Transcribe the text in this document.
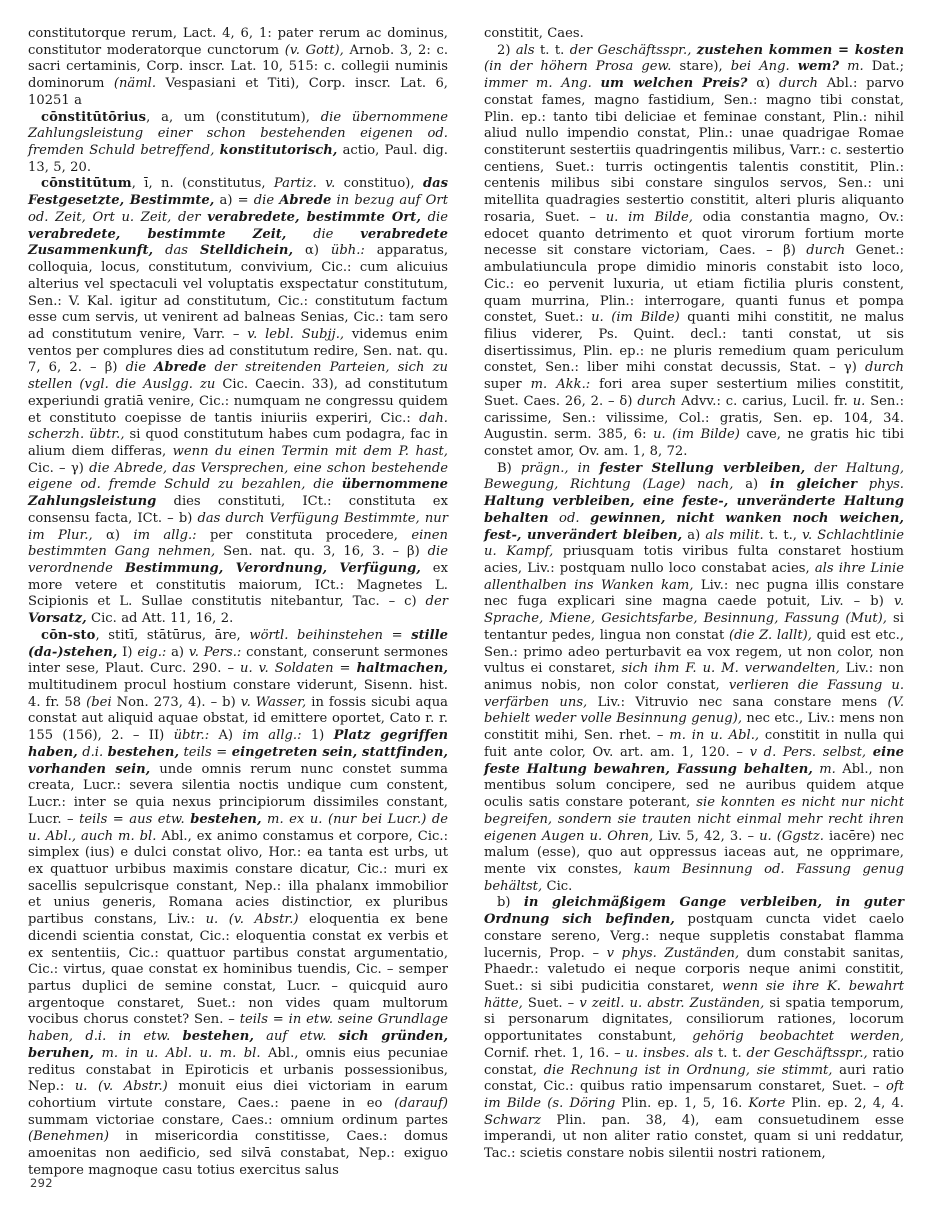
constitutorque rerum, Lact. 4, 6, 1: pater rerum ac dominus, constitutor moderatorque cunctorum (v. Gott), Arnob. 3, 2: c. sacri certaminis, Corp. inscr. Lat. 10, 515: c. collegii numinis dominorum (näml. Vespasiani et Titi), Corp. inscr. Lat. 6, 10251 a

cōnstitūtōrius, a, um (constitutum), die übernommene Zahlungsleistung einer schon bestehenden eigenen od. fremden Schuld betreffend, konstitutorisch, actio, Paul. dig. 13, 5, 20.

cōnstitūtum, ī, n. (constitutus, Partiz. v. constituo), das Festgesetzte, Bestimmte, a) = die Abrede in bezug auf Ort od. Zeit, Ort u. Zeit, der verabredete, bestimmte Ort, die verabredete, bestimmte Zeit, die verabredete Zusammenkunft, das Stelldichein, α) übh.: apparatus, colloquia, locus, constitutum, convivium, Cic.: cum alicuius alterius vel spectaculi vel voluptatis exspectatur constitutum, Sen.: V. Kal. igitur ad constitutum, Cic.: constitutum factum esse cum servis, ut venirent ad balneas Senias, Cic.: tam sero ad constitutum venire, Varr. – v. lebl. Subjj., videmus enim ventos per complures dies ad constitutum redire, Sen. nat. qu. 7, 6, 2. – β) die Abrede der streitenden Parteien, sich zu stellen (vgl. die Auslgg. zu Cic. Caecin. 33), ad constitutum experiundi gratiā venire, Cic.: numquam ne congressu quidem et constituto coepisse de tantis iniuriis experiri, Cic.: dah. scherzh. übtr., si quod constitutum habes cum podagra, fac in alium diem differas, wenn du einen Termin mit dem P. hast, Cic. – γ) die Abrede, das Versprechen, eine schon bestehende eigene od. fremde Schuld zu bezahlen, die übernommene Zahlungsleistung dies constituti, ICt.: constituta ex consensu facta, ICt. – b) das durch Verfügung Bestimmte, nur im Plur., α) im allg.: per constituta procedere, einen bestimmten Gang nehmen, Sen. nat. qu. 3, 16, 3. – β) die verordnende Bestimmung, Verordnung, Verfügung, ex more vetere et constitutis maiorum, ICt.: Magnetes L. Scipionis et L. Sullae constitutis nitebantur, Tac. – c) der Vorsatz, Cic. ad Att. 11, 16, 2.

cōn-sto, stitī, stātūrus, āre, wörtl. beihinstehen = stille (da-)stehen, I) eig.: a) v. Pers.: constant, conserunt sermones inter sese, Plaut. Curc. 290. – u. v. Soldaten = haltmachen, multitudinem procul hostium constare viderunt, Sisenn. hist. 4. fr. 58 (bei Non. 273, 4). – b) v. Wasser, in fossis sicubi aqua constat aut aliquid aquae obstat, id emittere oportet, Cato r. r. 155 (156), 2. – II) übtr.: A) im allg.: 1) Platz gegriffen haben, d.i. bestehen, teils = eingetreten sein, stattfinden, vorhanden sein, unde omnis rerum nunc constet summa creata, Lucr.: severa silentia noctis undique cum constent, Lucr.: inter se quia nexus principiorum dissimiles constant, Lucr. – teils = aus etw. bestehen, m. ex u. (nur bei Lucr.) de u. Abl., auch m. bl. Abl., ex animo constamus et corpore, Cic.: simplex (ius) e dulci constat olivo, Hor.: ea tanta est urbs, ut ex quattuor urbibus maximis constare dicatur, Cic.: muri ex sacellis sepulcrisque constant, Nep.: illa phalanx immobilior et unius generis, Romana acies distinctior, ex pluribus partibus constans, Liv.: u. (v. Abstr.) eloquentia ex bene dicendi scientia constat, Cic.: eloquentia constat ex verbis et ex sententiis, Cic.: quattuor partibus constat argumentatio, Cic.: virtus, quae constat ex hominibus tuendis, Cic. – semper partus duplici de semine constat, Lucr. – quicquid auro argentoque constaret, Suet.: non vides quam multorum vocibus chorus constet? Sen. – teils = in etw. seine Grundlage haben, d.i. in etw. bestehen, auf etw. sich gründen, beruhen, m. in u. Abl. u. m. bl. Abl., omnis eius pecuniae reditus constabat in Epiroticis et urbanis possessionibus, Nep.: u. (v. Abstr.) monuit eius diei victoriam in earum cohortium virtute constare, Caes.: paene in eo (darauf) summam victoriae constare, Caes.: omnium ordinum partes (Benehmen) in misericordia constitisse, Caes.: domus amoenitas non aedificio, sed silvā constabat, Nep.: exiguo tempore magnoque casu totius exercitus salus

constitit, Caes.

2) als t. t. der Geschäftsspr., zustehen kommen = kosten (in der höhern Prosa gew. stare), bei Ang. wem? m. Dat.; immer m. Ang. um welchen Preis? α) durch Abl.: parvo constat fames, magno fastidium, Sen.: magno tibi constat, Plin. ep.: tanto tibi deliciae et feminae constant, Plin.: nihil aliud nullo impendio constat, Plin.: unae quadrigae Romae constiterunt sestertiis quadringentis milibus, Varr.: c. sestertio centiens, Suet.: turris octingentis talentis constitit, Plin.: centenis milibus sibi constare singulos servos, Sen.: uni mitellita quadragies sestertio constitit, alteri pluris aliquanto rosaria, Suet. – u. im Bilde, odia constantia magno, Ov.: edocet quanto detrimento et quot virorum fortium morte necesse sit constare victoriam, Caes. – β) durch Genet.: ambulatiuncula prope dimidio minoris constabit isto loco, Cic.: eo pervenit luxuria, ut etiam fictilia pluris constent, quam murrina, Plin.: interrogare, quanti funus et pompa constet, Suet.: u. (im Bilde) quanti mihi constitit, ne malus filius viderer, Ps. Quint. decl.: tanti constat, ut sis disertissimus, Plin. ep.: ne pluris remedium quam periculum constet, Sen.: liber mihi constat decussis, Stat. – γ) durch super m. Akk.: fori area super sestertium milies constitit, Suet. Caes. 26, 2. – δ) durch Advv.: c. carius, Lucil. fr. u. Sen.: carissime, Sen.: vilissime, Col.: gratis, Sen. ep. 104, 34. Augustin. serm. 385, 6: u. (im Bilde) cave, ne gratis hic tibi constet amor, Ov. am. 1, 8, 72.

B) prägn., in fester Stellung verbleiben, der Haltung, Bewegung, Richtung (Lage) nach, a) in gleicher phys. Haltung verbleiben, eine feste-, unveränderte Haltung behalten od. gewinnen, nicht wanken noch weichen, fest-, unverändert bleiben, a) als milit. t. t., v. Schlachtlinie u. Kampf, priusquam totis viribus fulta constaret hostium acies, Liv.: postquam nullo loco constabat acies, als ihre Linie allenthalben ins Wanken kam, Liv.: nec pugna illis constare nec fuga explicari sine magna caede potuit, Liv. – b) v. Sprache, Miene, Gesichtsfarbe, Besinnung, Fassung (Mut), si tentantur pedes, lingua non constat (die Z. lallt), quid est etc., Sen.: primo adeo perturbavit ea vox regem, ut non color, non vultus ei constaret, sich ihm F. u. M. verwandelten, Liv.: non animus nobis, non color constat, verlieren die Fassung u. verfärben uns, Liv.: Vitruvio nec sana constare mens (V. behielt weder volle Besinnung genug), nec etc., Liv.: mens non constitit mihi, Sen. rhet. – m. in u. Abl., constitit in nulla qui fuit ante color, Ov. art. am. 1, 120. – v d. Pers. selbst, eine feste Haltung bewahren, Fassung behalten, m. Abl., non mentibus solum concipere, sed ne auribus quidem atque oculis satis constare poterant, sie konnten es nicht nur nicht begreifen, sondern sie trauten nicht einmal mehr recht ihren eigenen Augen u. Ohren, Liv. 5, 42, 3. – u. (Ggstz. iacēre) nec malum (esse), quo aut oppressus iaceas aut, ne opprimare, mente vix constes, kaum Besinnung od. Fassung genug behältst, Cic.

b) in gleichmäßigem Gange verbleiben, in guter Ordnung sich befinden, postquam cuncta videt caelo constare sereno, Verg.: neque suppletis constabat flamma lucernis, Prop. – v phys. Zuständen, dum constabit sanitas, Phaedr.: valetudo ei neque corporis neque animi constitit, Suet.: si sibi pudicitia constaret, wenn sie ihre K. bewahrt hätte, Suet. – v zeitl. u. abstr. Zuständen, si spatia temporum, si personarum dignitates, consiliorum rationes, locorum opportunitates constabunt, gehörig beobachtet werden, Cornif. rhet. 1, 16. – u. insbes. als t. t. der Geschäftsspr., ratio constat, die Rechnung ist in Ordnung, sie stimmt, auri ratio constat, Cic.: quibus ratio impensarum constaret, Suet. – oft im Bilde (s. Döring Plin. ep. 1, 5, 16. Korte Plin. ep. 2, 4, 4. Schwarz Plin. pan. 38, 4), eam consuetudinem esse imperandi, ut non aliter ratio constet, quam si uni reddatur, Tac.: scietis constare nobis silentii nostri rationem,

292
